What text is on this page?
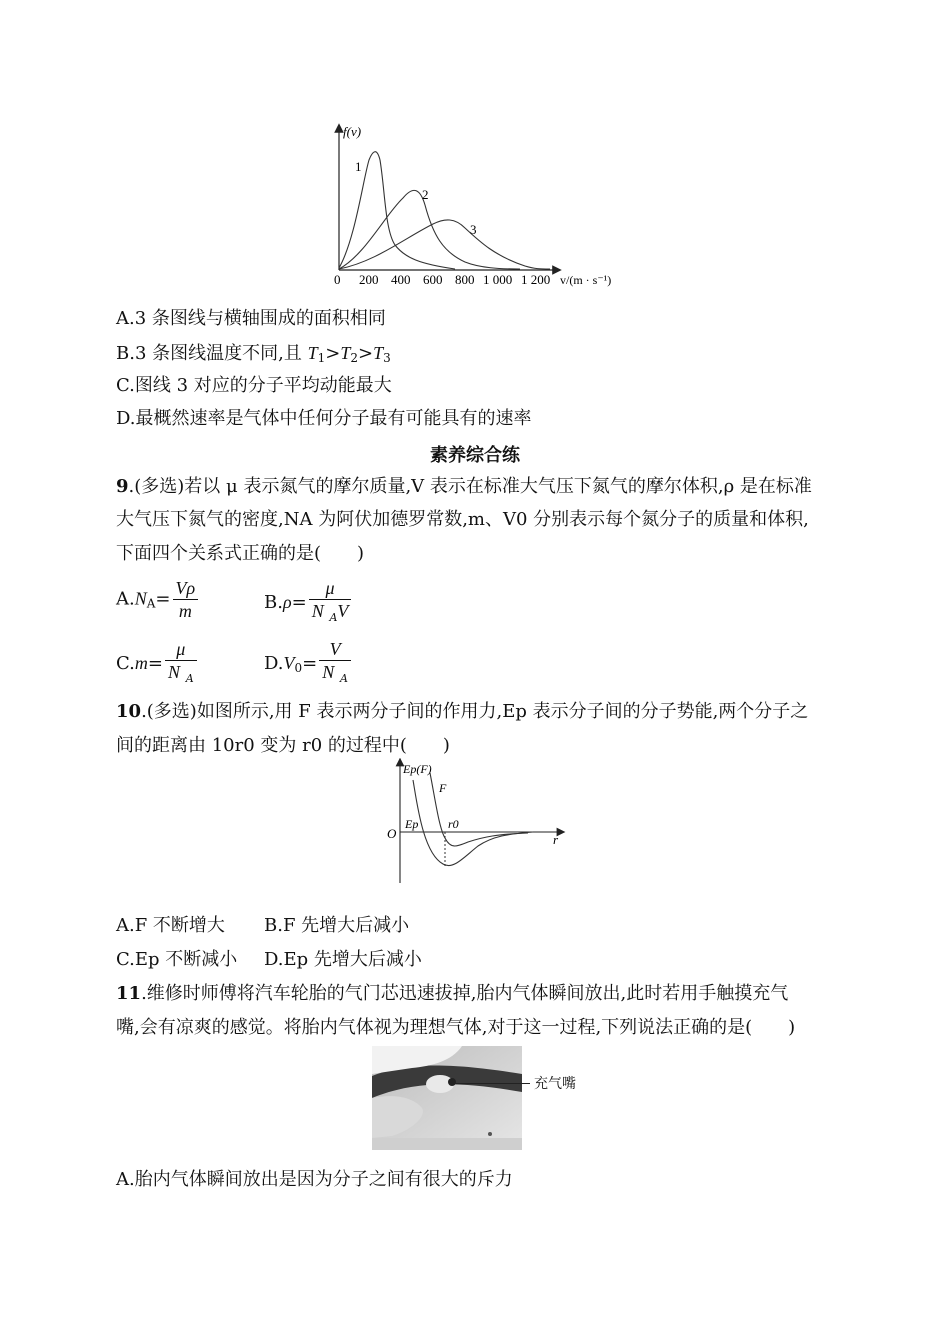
f(v)
1
2
3
0 200 400 600 800 1 000 1 200 v/(m · s⁻¹)
A.3 条图线与横轴围成的面积相同
B.3 条图线温度不同,且 $T_1>T_2>T_3$
C.图线 3 对应的分子平均动能最大
D.最概然速率是气体中任何分子最有可能具有的速率
素养综合练
9.(多选)若以 μ 表示氮气的摩尔质量,V 表示在标准大气压下氮气的摩尔体积,ρ 是在标准
大气压下氮气的密度,NA 为阿伏加德罗常数,m、V0 分别表示每个氮分子的质量和体积,
下面四个关系式正确的是(　　)
$A.N_A= \frac{V\rho}{m}$	$B.\rho= \frac{\mu}{N _AV}$
$C.m= \frac{\mu}{N _A}$	$D.V_0= \frac{V}{N _A}$
10.(多选)如图所示,用 F 表示两分子间的作用力,Ep 表示分子间的分子势能,两个分子之
间的距离由 10r0 变为 r0 的过程中(　　)
Ep(F)
F
Ep r0
r
O
A.F 不断增大 B.F 先增大后减小
C.Ep 不断减小 D.Ep 先增大后减小
11.维修时师傅将汽车轮胎的气门芯迅速拔掉,胎内气体瞬间放出,此时若用手触摸充气
嘴,会有凉爽的感觉。将胎内气体视为理想气体,对于这一过程,下列说法正确的是(　　)
充气嘴
A.胎内气体瞬间放出是因为分子之间有很大的斥力
